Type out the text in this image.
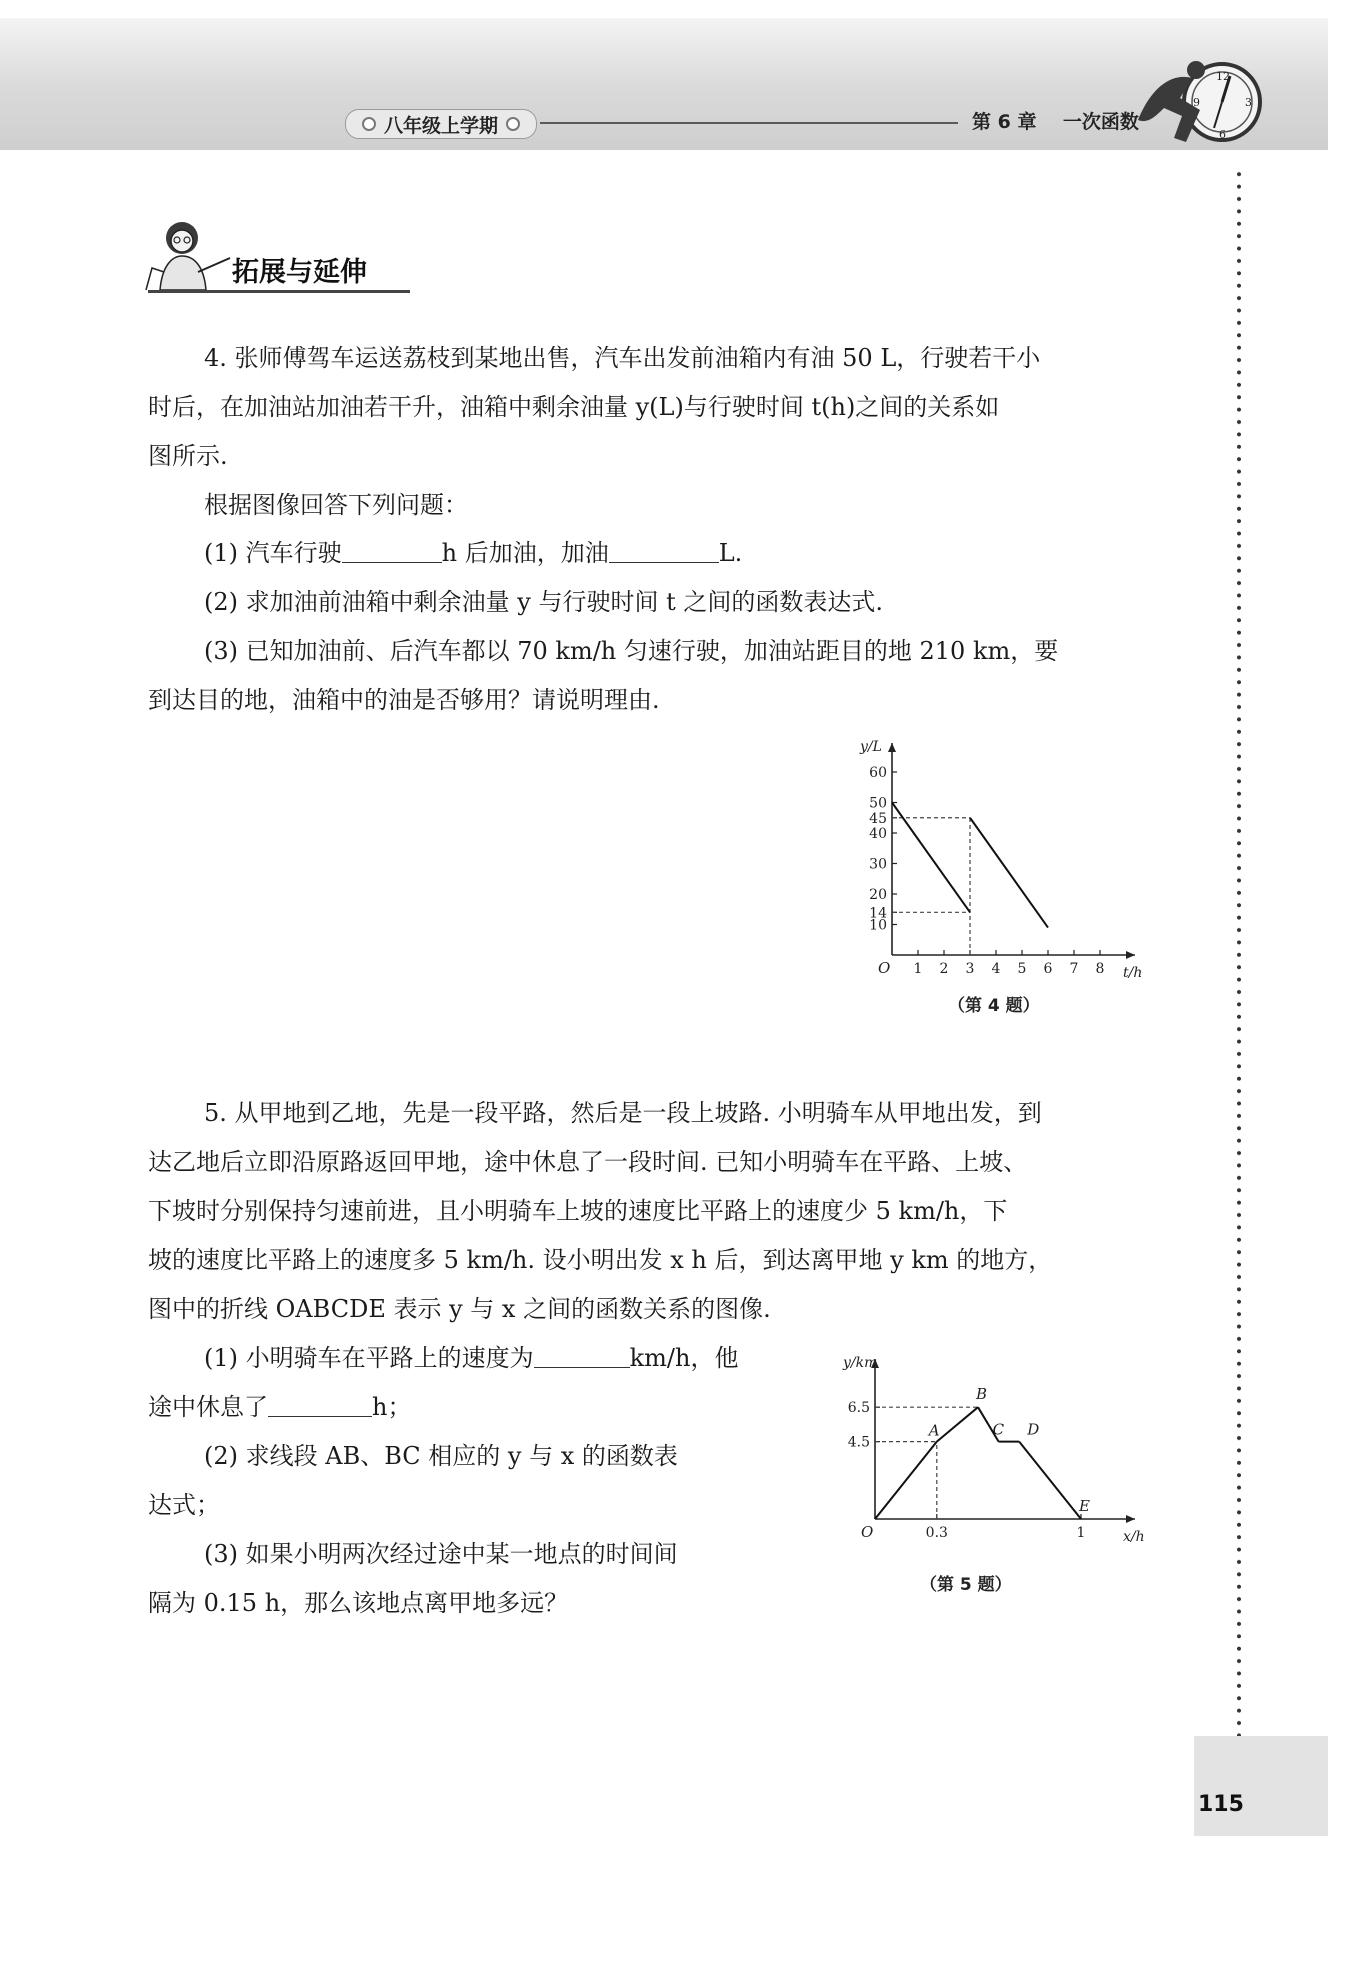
八年级上学期	第 6 章    一次函数
12
3
6
9
拓展与延伸
4. 张师傅驾车运送荔枝到某地出售，汽车出发前油箱内有油 50 L，行驶若干小
时后，在加油站加油若干升，油箱中剩余油量 y(L)与行驶时间 t(h)之间的关系如
图所示.
根据图像回答下列问题：
(1) 汽车行驶	h 后加油，加油	L.
(2) 求加油前油箱中剩余油量 y 与行驶时间 t 之间的函数表达式.
(3) 已知加油前、后汽车都以 70 km/h 匀速行驶，加油站距目的地 210 km，要
到达目的地，油箱中的油是否够用？请说明理由.
t/h
y/L
O 1 2 3 4 5 6 7 8
10
14
20
30
40
45
50
60
（第 4 题）
5. 从甲地到乙地，先是一段平路，然后是一段上坡路. 小明骑车从甲地出发，到
达乙地后立即沿原路返回甲地，途中休息了一段时间. 已知小明骑车在平路、上坡、
下坡时分别保持匀速前进，且小明骑车上坡的速度比平路上的速度少 5 km/h，下
坡的速度比平路上的速度多 5 km/h. 设小明出发 x h 后，到达离甲地 y km 的地方，
图中的折线 OABCDE 表示 y 与 x 之间的函数关系的图像.
(1) 小明骑车在平路上的速度为	km/h，他
途中休息了	h；
(2) 求线段 AB、BC 相应的 y 与 x 的函数表
达式；
(3) 如果小明两次经过途中某一地点的时间间
隔为 0.15 h，那么该地点离甲地多远？
x/h
y/km
O	0.3	1
4.5
6.5
A
B
C D
E
（第 5 题）
115
